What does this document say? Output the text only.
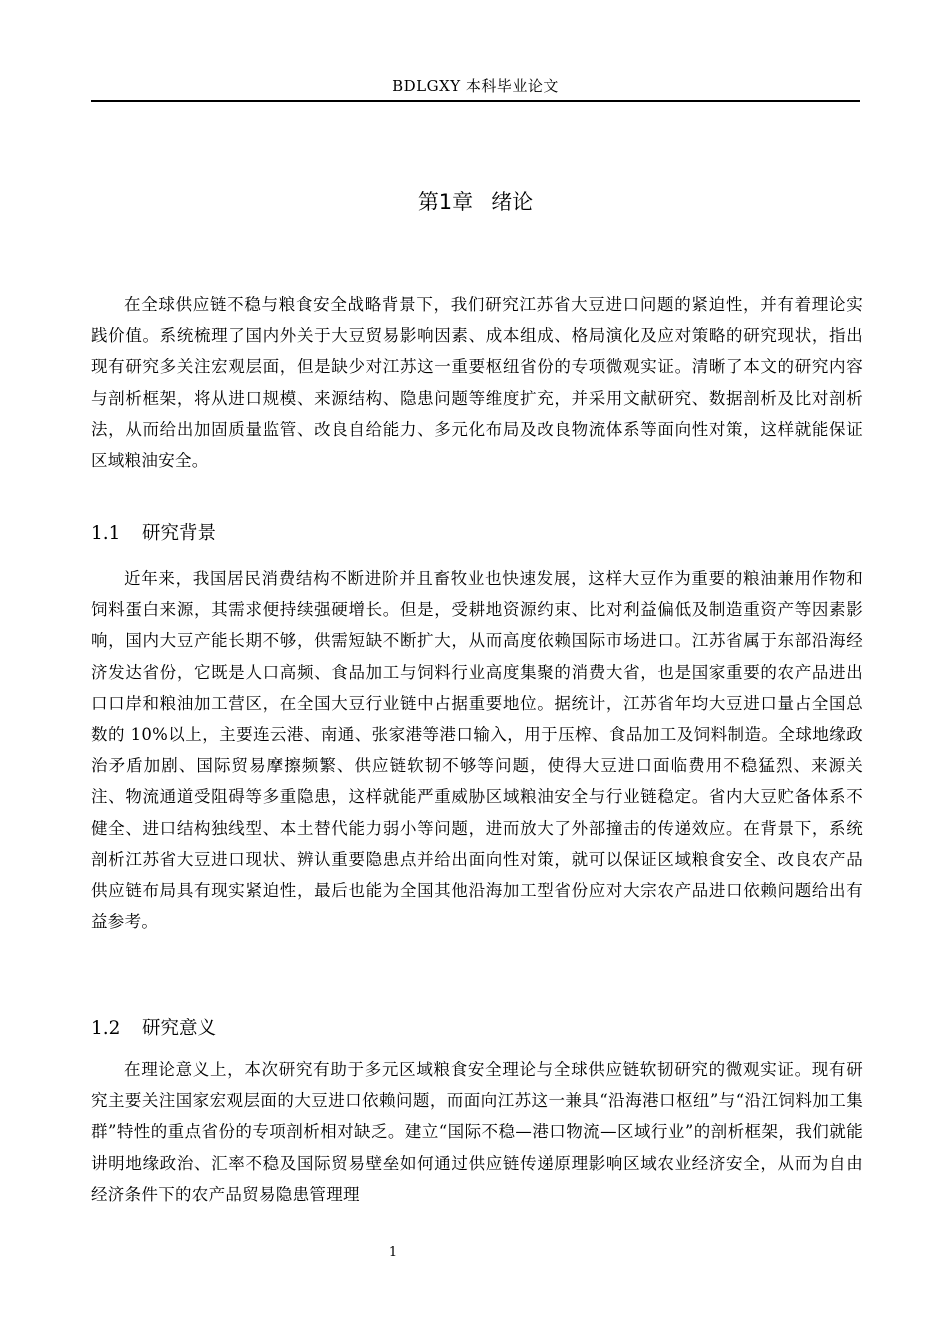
BDLGXY 本科毕业论文
第1章 绪论

在全球供应链不稳与粮食安全战略背景下，我们研究江苏省大豆进口问题的紧迫性，并有着理论实践价值。系统梳理了国内外关于大豆贸易影响因素、成本组成、格局演化及应对策略的研究现状，指出现有研究多关注宏观层面，但是缺少对江苏这一重要枢纽省份的专项微观实证。清晰了本文的研究内容与剖析框架，将从进口规模、来源结构、隐患问题等维度扩充，并采用文献研究、数据剖析及比对剖析法，从而给出加固质量监管、改良自给能力、多元化布局及改良物流体系等面向性对策，这样就能保证区域粮油安全。

1.1 研究背景

近年来，我国居民消费结构不断进阶并且畜牧业也快速发展，这样大豆作为重要的粮油兼用作物和饲料蛋白来源，其需求便持续强硬增长。但是，受耕地资源约束、比对利益偏低及制造重资产等因素影响，国内大豆产能长期不够，供需短缺不断扩大，从而高度依赖国际市场进口。江苏省属于东部沿海经济发达省份，它既是人口高频、食品加工与饲料行业高度集聚的消费大省，也是国家重要的农产品进出口口岸和粮油加工营区，在全国大豆行业链中占据重要地位。据统计，江苏省年均大豆进口量占全国总数的 10%以上，主要连云港、南通、张家港等港口输入，用于压榨、食品加工及饲料制造。全球地缘政治矛盾加剧、国际贸易摩擦频繁、供应链软韧不够等问题，使得大豆进口面临费用不稳猛烈、来源关注、物流通道受阻碍等多重隐患，这样就能严重威胁区域粮油安全与行业链稳定。省内大豆贮备体系不健全、进口结构独线型、本土替代能力弱小等问题，进而放大了外部撞击的传递效应。在背景下，系统剖析江苏省大豆进口现状、辨认重要隐患点并给出面向性对策，就可以保证区域粮食安全、改良农产品供应链布局具有现实紧迫性，最后也能为全国其他沿海加工型省份应对大宗农产品进口依赖问题给出有益参考。

1.2 研究意义

在理论意义上，本次研究有助于多元区域粮食安全理论与全球供应链软韧研究的微观实证。现有研究主要关注国家宏观层面的大豆进口依赖问题，而面向江苏这一兼具“沿海港口枢纽”与“沿江饲料加工集群”特性的重点省份的专项剖析相对缺乏。建立“国际不稳—港口物流—区域行业”的剖析框架，我们就能讲明地缘政治、汇率不稳及国际贸易壁垒如何通过供应链传递原理影响区域农业经济安全，从而为自由经济条件下的农产品贸易隐患管理理

1
